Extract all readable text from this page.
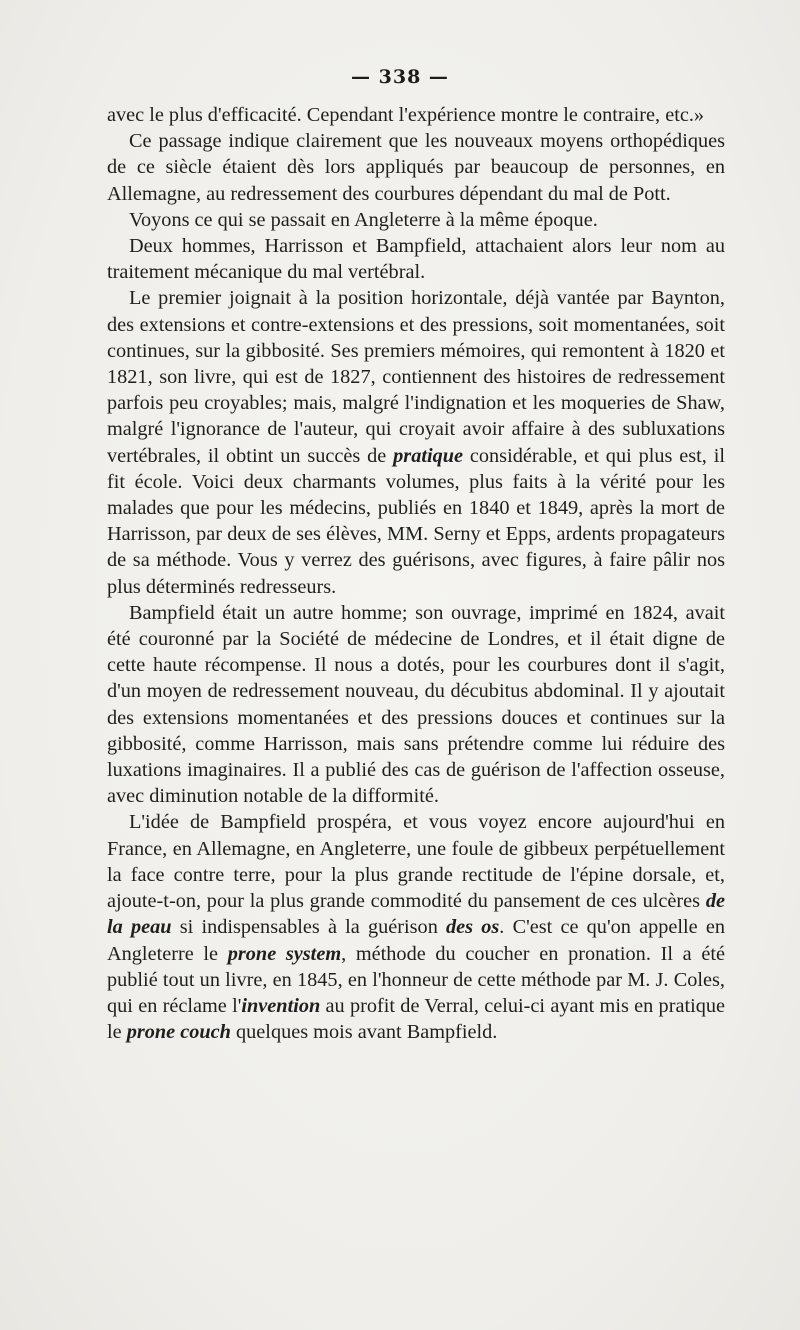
— 338 —

avec le plus d'efficacité. Cependant l'expérience montre le contraire, etc.»

Ce passage indique clairement que les nouveaux moyens orthopédiques de ce siècle étaient dès lors appliqués par beaucoup de personnes, en Allemagne, au redressement des courbures dépendant du mal de Pott.

Voyons ce qui se passait en Angleterre à la même époque.

Deux hommes, Harrisson et Bampfield, attachaient alors leur nom au traitement mécanique du mal vertébral.

Le premier joignait à la position horizontale, déjà vantée par Baynton, des extensions et contre-extensions et des pressions, soit momentanées, soit continues, sur la gibbosité. Ses premiers mémoires, qui remontent à 1820 et 1821, son livre, qui est de 1827, contiennent des histoires de redressement parfois peu croyables; mais, malgré l'indignation et les moqueries de Shaw, malgré l'ignorance de l'auteur, qui croyait avoir affaire à des subluxations vertébrales, il obtint un succès de pratique considérable, et qui plus est, il fit école. Voici deux charmants volumes, plus faits à la vérité pour les malades que pour les médecins, publiés en 1840 et 1849, après la mort de Harrisson, par deux de ses élèves, MM. Serny et Epps, ardents propagateurs de sa méthode. Vous y verrez des guérisons, avec figures, à faire pâlir nos plus déterminés redresseurs.

Bampfield était un autre homme; son ouvrage, imprimé en 1824, avait été couronné par la Société de médecine de Londres, et il était digne de cette haute récompense. Il nous a dotés, pour les courbures dont il s'agit, d'un moyen de redressement nouveau, du décubitus abdominal. Il y ajoutait des extensions momentanées et des pressions douces et continues sur la gibbosité, comme Harrisson, mais sans prétendre comme lui réduire des luxations imaginaires. Il a publié des cas de guérison de l'affection osseuse, avec diminution notable de la difformité.

L'idée de Bampfield prospéra, et vous voyez encore aujourd'hui en France, en Allemagne, en Angleterre, une foule de gibbeux perpétuellement la face contre terre, pour la plus grande rectitude de l'épine dorsale, et, ajoute-t-on, pour la plus grande commodité du pansement de ces ulcères de la peau si indispensables à la guérison des os. C'est ce qu'on appelle en Angleterre le prone system, méthode du coucher en pronation. Il a été publié tout un livre, en 1845, en l'honneur de cette méthode par M. J. Coles, qui en réclame l'invention au profit de Verral, celui-ci ayant mis en pratique le prone couch quelques mois avant Bampfield.
